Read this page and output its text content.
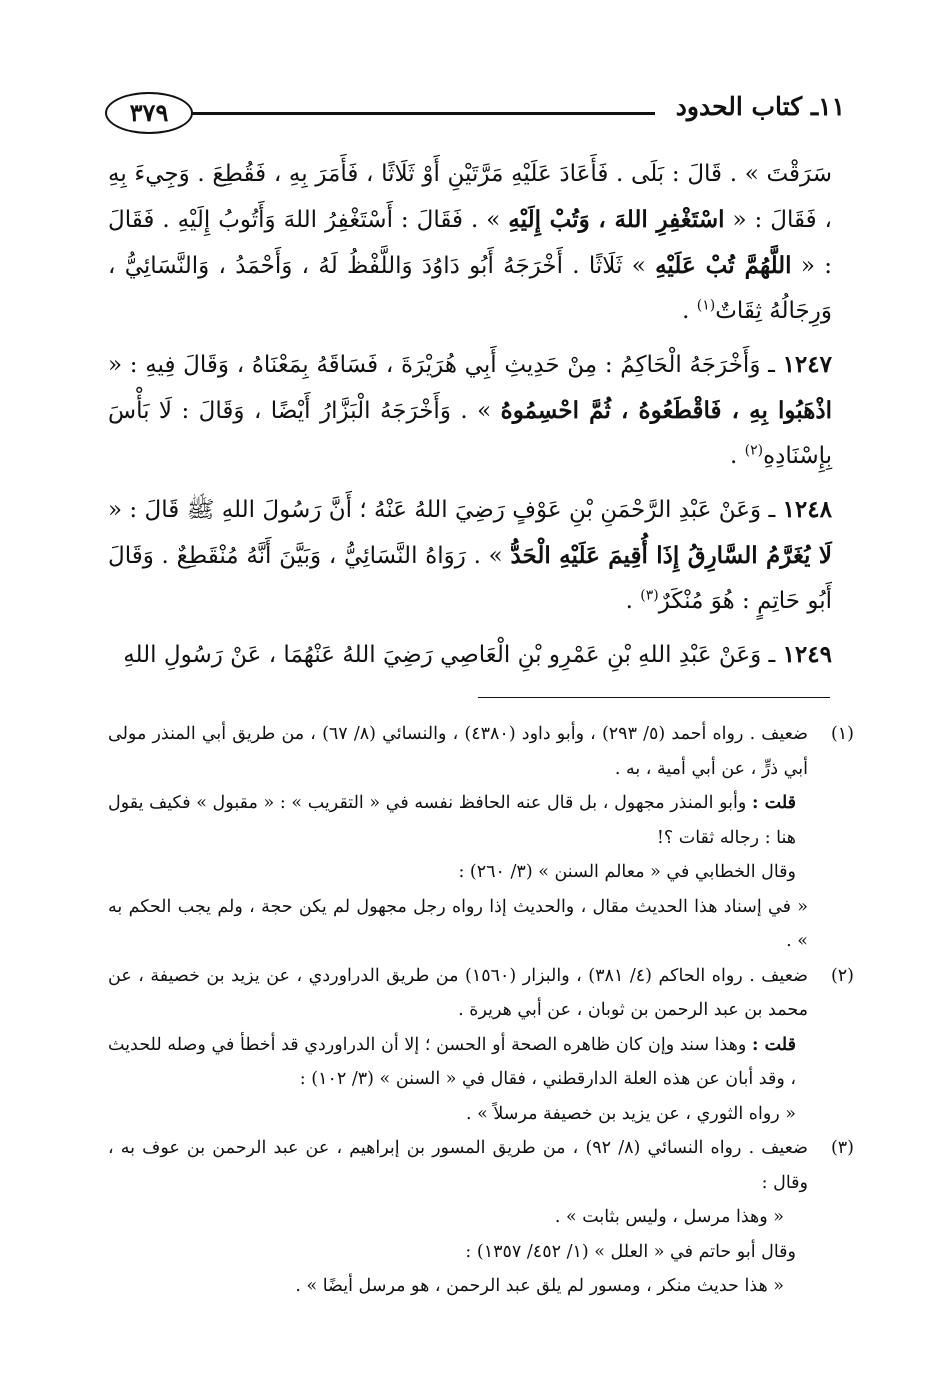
٣٧٩	١١ـ كتاب الحدود

سَرَقْتَ » . قَالَ : بَلَى . فَأَعَادَ عَلَيْهِ مَرَّتَيْنِ أَوْ ثَلَاثًا ، فَأَمَرَ بِهِ ، فَقُطِعَ . وَجِيءَ بِهِ ، فَقَالَ : « اسْتَغْفِرِ اللهَ ، وَتُبْ إِلَيْهِ » . فَقَالَ : أَسْتَغْفِرُ اللهَ وَأَتُوبُ إِلَيْهِ . فَقَالَ : « اللَّهُمَّ تُبْ عَلَيْهِ » ثَلَاثًا . أَخْرَجَهُ أَبُو دَاوُدَ وَاللَّفْظُ لَهُ ، وَأَحْمَدُ ، وَالنَّسَائِيُّ ، وَرِجَالُهُ ثِقَاتٌ$^{(١)}$ .

١٢٤٧ ـ وَأَخْرَجَهُ الْحَاكِمُ : مِنْ حَدِيثِ أَبِي هُرَيْرَةَ ، فَسَاقَهُ بِمَعْنَاهُ ، وَقَالَ فِيهِ : « اذْهَبُوا بِهِ ، فَاقْطَعُوهُ ، ثُمَّ احْسِمُوهُ » . وَأَخْرَجَهُ الْبَزَّارُ أَيْضًا ، وَقَالَ : لَا بَأْسَ بِإِسْنَادِهِ$^{(٢)}$ .

١٢٤٨ ـ وَعَنْ عَبْدِ الرَّحْمَنِ بْنِ عَوْفٍ رَضِيَ اللهُ عَنْهُ ؛ أَنَّ رَسُولَ اللهِ ﷺ قَالَ : « لَا يُغَرَّمُ السَّارِقُ إِذَا أُقِيمَ عَلَيْهِ الْحَدُّ » . رَوَاهُ النَّسَائِيُّ ، وَبَيَّنَ أَنَّهُ مُنْقَطِعٌ . وَقَالَ أَبُو حَاتِمٍ : هُوَ مُنْكَرٌ$^{(٣)}$ .

١٢٤٩ ـ وَعَنْ عَبْدِ اللهِ بْنِ عَمْرِو بْنِ الْعَاصِي رَضِيَ اللهُ عَنْهُمَا ، عَنْ رَسُولِ اللهِ

(١)

ضعيف . رواه أحمد (٥/ ٢٩٣) ، وأبو داود (٤٣٨٠) ، والنسائي (٨/ ٦٧) ، من طريق أبي المنذر مولى أبي ذرٍّ ، عن أبي أمية ، به .

قلت : وأبو المنذر مجهول ، بل قال عنه الحافظ نفسه في « التقريب » : « مقبول » فكيف يقول هنا : رجاله ثقات ؟!

وقال الخطابي في « معالم السنن » (٣/ ٢٦٠) :

« في إسناد هذا الحديث مقال ، والحديث إذا رواه رجل مجهول لم يكن حجة ، ولم يجب الحكم به » .

(٢)

ضعيف . رواه الحاكم (٤/ ٣٨١) ، والبزار (١٥٦٠) من طريق الدراوردي ، عن يزيد بن خصيفة ، عن محمد بن عبد الرحمن بن ثوبان ، عن أبي هريرة .

قلت : وهذا سند وإن كان ظاهره الصحة أو الحسن ؛ إلا أن الدراوردي قد أخطأ في وصله للحديث ، وقد أبان عن هذه العلة الدارقطني ، فقال في « السنن » (٣/ ١٠٢) :

« رواه الثوري ، عن يزيد بن خصيفة مرسلاً » .

(٣)

ضعيف . رواه النسائي (٨/ ٩٢) ، من طريق المسور بن إبراهيم ، عن عبد الرحمن بن عوف به ، وقال :

« وهذا مرسل ، وليس بثابت » .

وقال أبو حاتم في « العلل » (١/ ٤٥٢/ ١٣٥٧) :

« هذا حديث منكر ، ومسور لم يلق عبد الرحمن ، هو مرسل أيضًا » .
